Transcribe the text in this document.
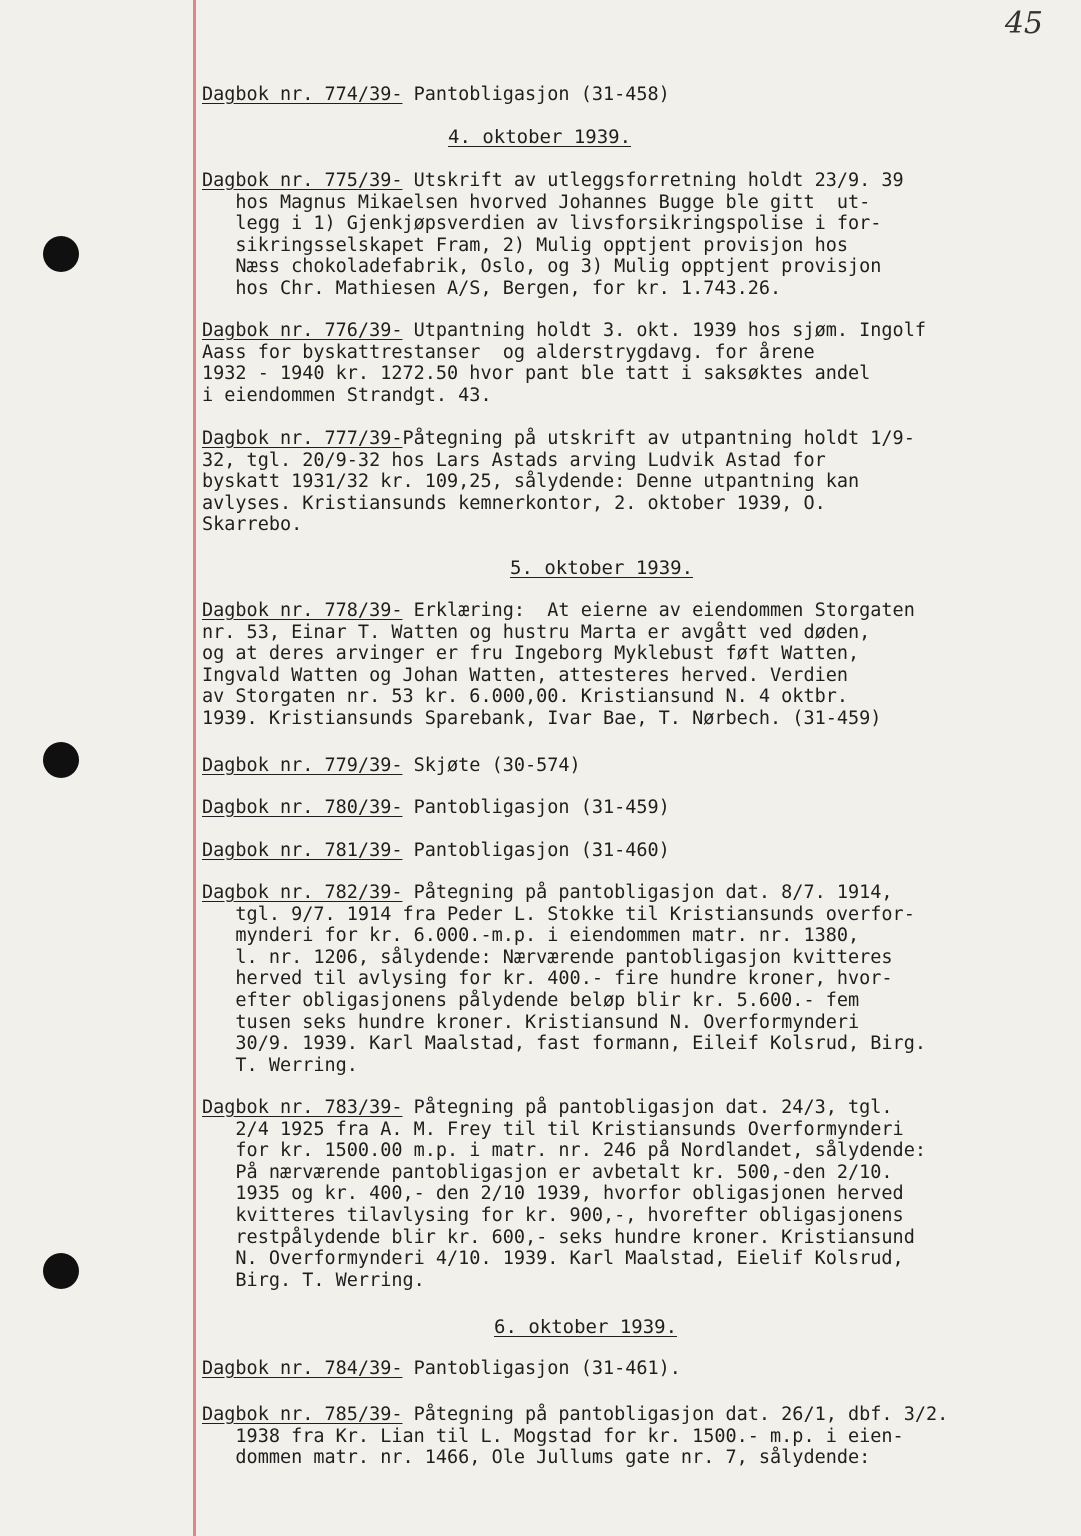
45
4. oktober 1939.
5. oktober 1939.
6. oktober 1939.
Dagbok nr. 774/39- Pantobligasjon (31-458)
Dagbok nr. 775/39- Utskrift av utleggsforretning holdt 23/9. 39
hos Magnus Mikaelsen hvorved Johannes Bugge ble gitt  ut-
legg i 1) Gjenkjøpsverdien av livsforsikringspolise i for-
sikringsselskapet Fram, 2) Mulig opptjent provisjon hos
Næss chokoladefabrik, Oslo, og 3) Mulig opptjent provisjon
hos Chr. Mathiesen A/S, Bergen, for kr. 1.743.26.
Dagbok nr. 776/39- Utpantning holdt 3. okt. 1939 hos sjøm. Ingolf
Aass for byskattrestanser  og alderstrygdavg. for årene
1932 - 1940 kr. 1272.50 hvor pant ble tatt i saksøktes andel
i eiendommen Strandgt. 43.
Dagbok nr. 777/39-Påtegning på utskrift av utpantning holdt 1/9-
32, tgl. 20/9-32 hos Lars Astads arving Ludvik Astad for
byskatt 1931/32 kr. 109,25, sålydende: Denne utpantning kan
avlyses. Kristiansunds kemnerkontor, 2. oktober 1939, O.
Skarrebo.
Dagbok nr. 778/39- Erklæring:  At eierne av eiendommen Storgaten
nr. 53, Einar T. Watten og hustru Marta er avgått ved døden,
og at deres arvinger er fru Ingeborg Myklebust føft Watten,
Ingvald Watten og Johan Watten, attesteres herved. Verdien
av Storgaten nr. 53 kr. 6.000,00. Kristiansund N. 4 oktbr.
1939. Kristiansunds Sparebank, Ivar Bae, T. Nørbech. (31-459)
Dagbok nr. 779/39- Skjøte (30-574)
Dagbok nr. 780/39- Pantobligasjon (31-459)
Dagbok nr. 781/39- Pantobligasjon (31-460)
Dagbok nr. 782/39- Påtegning på pantobligasjon dat. 8/7. 1914,
tgl. 9/7. 1914 fra Peder L. Stokke til Kristiansunds overfor-
mynderi for kr. 6.000.-m.p. i eiendommen matr. nr. 1380,
l. nr. 1206, sålydende: Nærværende pantobligasjon kvitteres
herved til avlysing for kr. 400.- fire hundre kroner, hvor-
efter obligasjonens pålydende beløp blir kr. 5.600.- fem
tusen seks hundre kroner. Kristiansund N. Overformynderi
30/9. 1939. Karl Maalstad, fast formann, Eileif Kolsrud, Birg.
T. Werring.
Dagbok nr. 783/39- Påtegning på pantobligasjon dat. 24/3, tgl.
2/4 1925 fra A. M. Frey til til Kristiansunds Overformynderi
for kr. 1500.00 m.p. i matr. nr. 246 på Nordlandet, sålydende:
På nærværende pantobligasjon er avbetalt kr. 500,-den 2/10.
1935 og kr. 400,- den 2/10 1939, hvorfor obligasjonen herved
kvitteres tilavlysing for kr. 900,-, hvorefter obligasjonens
restpålydende blir kr. 600,- seks hundre kroner. Kristiansund
N. Overformynderi 4/10. 1939. Karl Maalstad, Eielif Kolsrud,
Birg. T. Werring.
Dagbok nr. 784/39- Pantobligasjon (31-461).
Dagbok nr. 785/39- Påtegning på pantobligasjon dat. 26/1, dbf. 3/2.
1938 fra Kr. Lian til L. Mogstad for kr. 1500.- m.p. i eien-
dommen matr. nr. 1466, Ole Jullums gate nr. 7, sålydende:
